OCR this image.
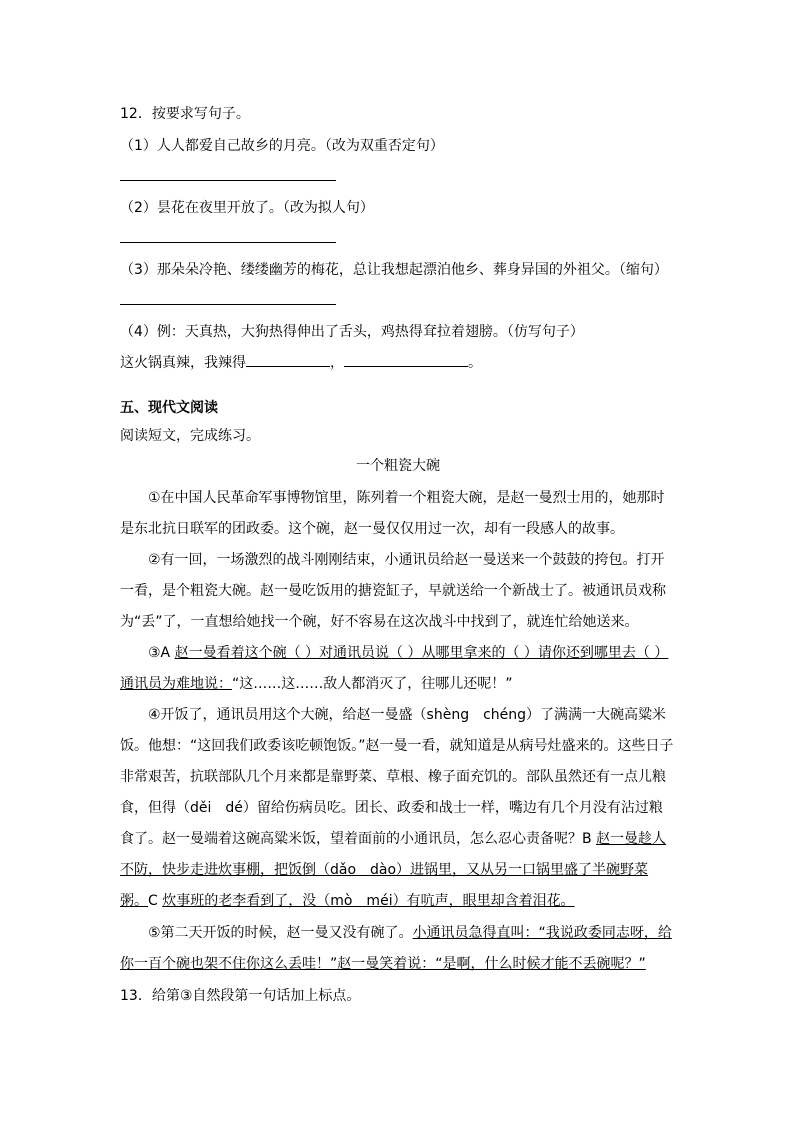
12．按要求写句子。
（1）人人都爱自己故乡的月亮。（改为双重否定句）
（2）昙花在夜里开放了。（改为拟人句）
（3）那朵朵冷艳、缕缕幽芳的梅花，总让我想起漂泊他乡、葬身异国的外祖父。（缩句）
（4）例：天真热，大狗热得伸出了舌头，鸡热得耷拉着翅膀。（仿写句子）
这火锅真辣，我辣得	，	。
五、现代文阅读
阅读短文，完成练习。
一个粗瓷大碗
①在中国人民革命军事博物馆里，陈列着一个粗瓷大碗，是赵一曼烈士用的，她那时是东北抗日联军的团政委。这个碗，赵一曼仅仅用过一次，却有一段感人的故事。
②有一回，一场激烈的战斗刚刚结束，小通讯员给赵一曼送来一个鼓鼓的挎包。打开一看，是个粗瓷大碗。赵一曼吃饭用的搪瓷缸子，早就送给一个新战士了。被通讯员戏称为“丢”了，一直想给她找一个碗，好不容易在这次战斗中找到了，就连忙给她送来。
③A 赵一曼看着这个碗（ ）对通讯员说（ ）从哪里拿来的（ ）请你还到哪里去（ ）通讯员为难地说：“这……这……敌人都消灭了，往哪儿还呢！”
④开饭了，通讯员用这个大碗，给赵一曼盛（shèng　chéng）了满满一大碗高粱米饭。他想：“这回我们政委该吃顿饱饭。”赵一曼一看，就知道是从病号灶盛来的。这些日子非常艰苦，抗联部队几个月来都是靠野菜、草根、橡子面充饥的。部队虽然还有一点儿粮食，但得（děi　dé）留给伤病员吃。团长、政委和战士一样，嘴边有几个月没有沾过粮食了。赵一曼端着这碗高粱米饭，望着面前的小通讯员，怎么忍心责备呢？B 赵一曼趁人不防，快步走进炊事棚，把饭倒（dǎo　dào）进锅里，又从另一口锅里盛了半碗野菜粥。C 炊事班的老李看到了，没（mò　méi）有吭声，眼里却含着泪花。
⑤第二天开饭的时候，赵一曼又没有碗了。小通讯员急得直叫：“我说政委同志呀，给你一百个碗也架不住你这么丢哇！”赵一曼笑着说：“是啊，什么时候才能不丢碗呢？”
13．给第③自然段第一句话加上标点。
